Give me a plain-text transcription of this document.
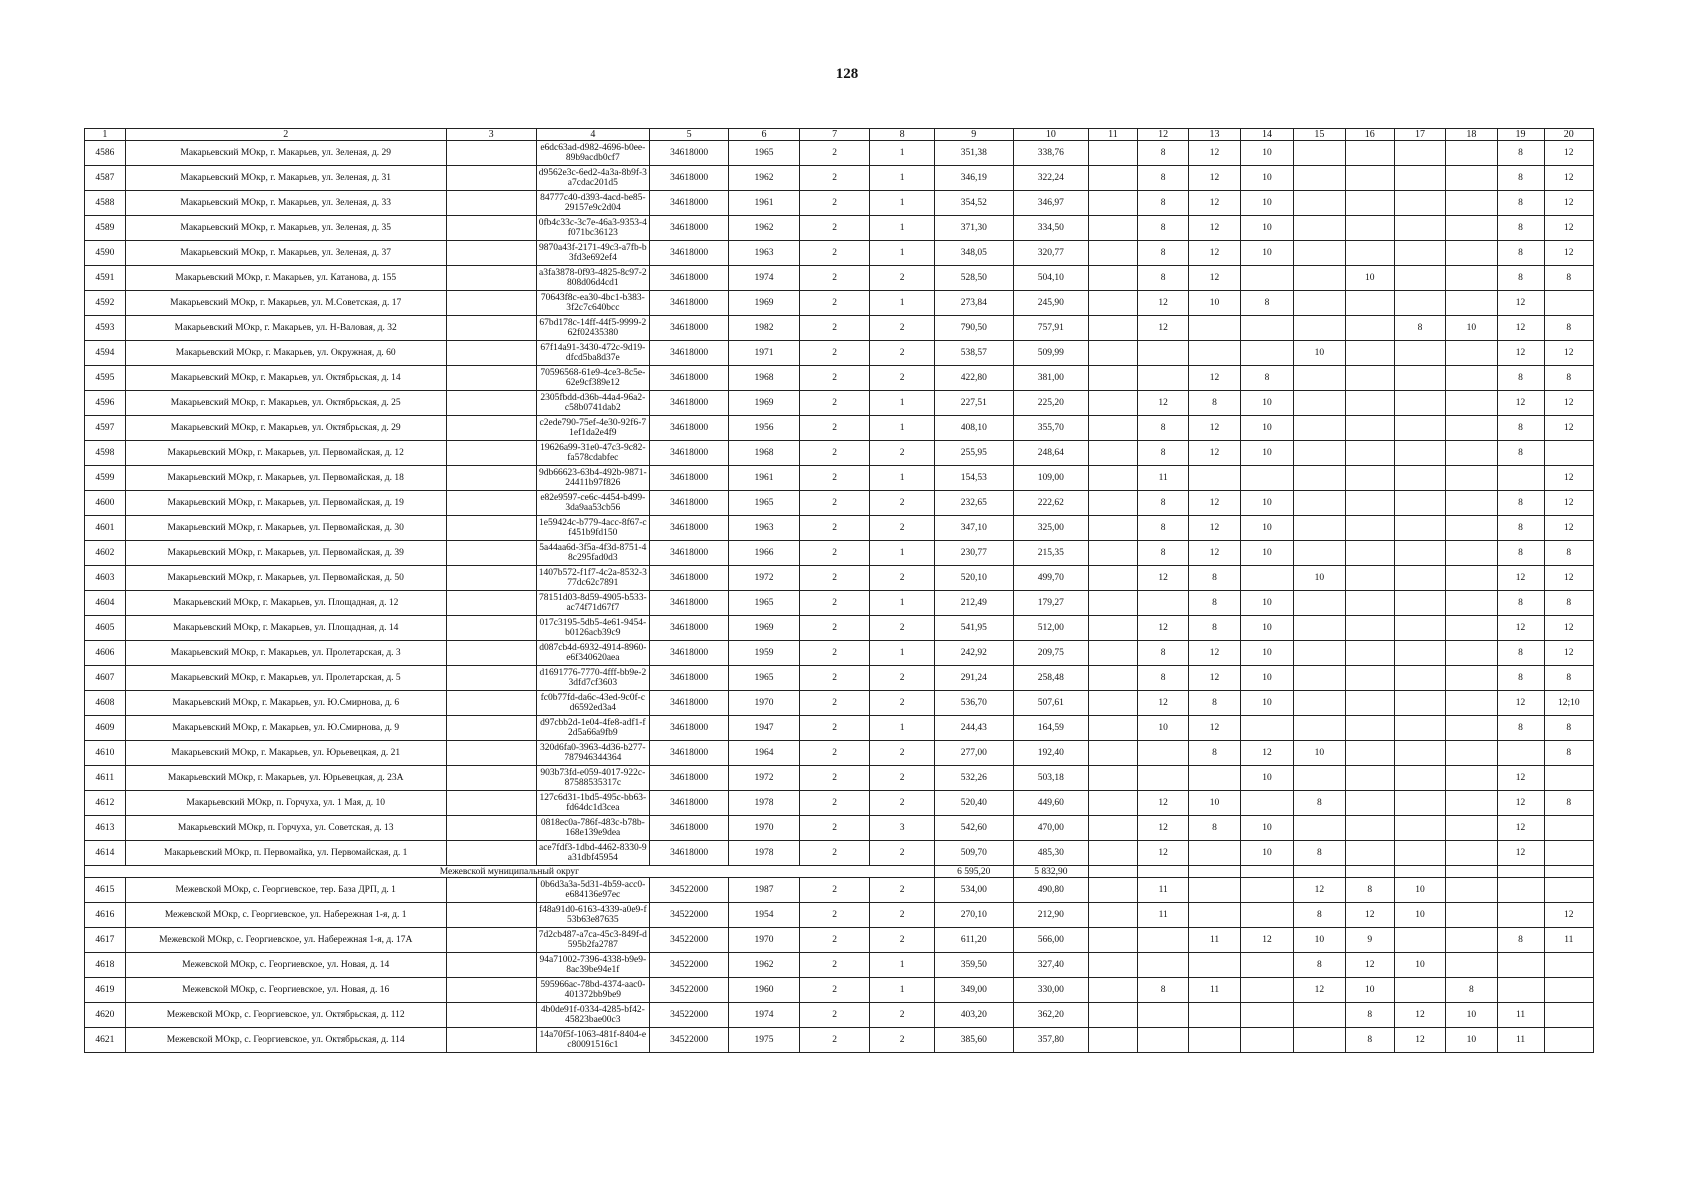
128
1	2	3	4	5	6	7	8	9	10	11	12	13	14	15	16	17	18	19	20
4586	Макарьевский МОкр, г. Макарьев, ул. Зеленая, д. 29		e6dc63ad-d982-4696-b0ee-89b9acdb0cf7	34618000	1965	2	1	351,38	338,76		8	12	10					8	12
4587	Макарьевский МОкр, г. Макарьев, ул. Зеленая, д. 31		d9562e3c-6ed2-4a3a-8b9f-3a7cdac201d5	34618000	1962	2	1	346,19	322,24		8	12	10					8	12
4588	Макарьевский МОкр, г. Макарьев, ул. Зеленая, д. 33		84777c40-d393-4acd-be85-29157e9c2d04	34618000	1961	2	1	354,52	346,97		8	12	10					8	12
4589	Макарьевский МОкр, г. Макарьев, ул. Зеленая, д. 35		0fb4c33c-3c7e-46a3-9353-4f071bc36123	34618000	1962	2	1	371,30	334,50		8	12	10					8	12
4590	Макарьевский МОкр, г. Макарьев, ул. Зеленая, д. 37		9870a43f-2171-49c3-a7fb-b3fd3e692ef4	34618000	1963	2	1	348,05	320,77		8	12	10					8	12
4591	Макарьевский МОкр, г. Макарьев, ул. Катанова, д. 155		a3fa3878-0f93-4825-8c97-2808d06d4cd1	34618000	1974	2	2	528,50	504,10		8	12			10			8	8
4592	Макарьевский МОкр, г. Макарьев, ул. М.Советская, д. 17		70643f8c-ea30-4bc1-b383-3f2c7c640bcc	34618000	1969	2	1	273,84	245,90		12	10	8					12	
4593	Макарьевский МОкр, г. Макарьев, ул. Н-Валовая, д. 32		67bd178c-14ff-44f5-9999-262f02435380	34618000	1982	2	2	790,50	757,91		12					8	10	12	8
4594	Макарьевский МОкр, г. Макарьев, ул. Окружная, д. 60		67f14a91-3430-472c-9d19-dfcd5ba8d37e	34618000	1971	2	2	538,57	509,99					10				12	12
4595	Макарьевский МОкр, г. Макарьев, ул. Октябрьская, д. 14		70596568-61e9-4ce3-8c5e-62e9cf389e12	34618000	1968	2	2	422,80	381,00			12	8					8	8
4596	Макарьевский МОкр, г. Макарьев, ул. Октябрьская, д. 25		2305fbdd-d36b-44a4-96a2-c58b0741dab2	34618000	1969	2	1	227,51	225,20		12	8	10					12	12
4597	Макарьевский МОкр, г. Макарьев, ул. Октябрьская, д. 29		c2ede790-75ef-4e30-92f6-71ef1da2e4f9	34618000	1956	2	1	408,10	355,70		8	12	10					8	12
4598	Макарьевский МОкр, г. Макарьев, ул. Первомайская, д. 12		19626a99-31e0-47c3-9c82-fa578cdabfec	34618000	1968	2	2	255,95	248,64		8	12	10					8	
4599	Макарьевский МОкр, г. Макарьев, ул. Первомайская, д. 18		9db66623-63b4-492b-9871-24411b97f826	34618000	1961	2	1	154,53	109,00		11								12
4600	Макарьевский МОкр, г. Макарьев, ул. Первомайская, д. 19		e82e9597-ce6c-4454-b499-3da9aa53cb56	34618000	1965	2	2	232,65	222,62		8	12	10					8	12
4601	Макарьевский МОкр, г. Макарьев, ул. Первомайская, д. 30		1e59424c-b779-4acc-8f67-cf451b9fd150	34618000	1963	2	2	347,10	325,00		8	12	10					8	12
4602	Макарьевский МОкр, г. Макарьев, ул. Первомайская, д. 39		5a44aa6d-3f5a-4f3d-8751-48c295fad0d3	34618000	1966	2	1	230,77	215,35		8	12	10					8	8
4603	Макарьевский МОкр, г. Макарьев, ул. Первомайская, д. 50		1407b572-f1f7-4c2a-8532-377dc62c7891	34618000	1972	2	2	520,10	499,70		12	8		10				12	12
4604	Макарьевский МОкр, г. Макарьев, ул. Площадная, д. 12		78151d03-8d59-4905-b533-ac74f71d67f7	34618000	1965	2	1	212,49	179,27			8	10					8	8
4605	Макарьевский МОкр, г. Макарьев, ул. Площадная, д. 14		017c3195-5db5-4e61-9454-b0126acb39c9	34618000	1969	2	2	541,95	512,00		12	8	10					12	12
4606	Макарьевский МОкр, г. Макарьев, ул. Пролетарская, д. 3		d087cb4d-6932-4914-8960-e6f340620aea	34618000	1959	2	1	242,92	209,75		8	12	10					8	12
4607	Макарьевский МОкр, г. Макарьев, ул. Пролетарская, д. 5		d1691776-7770-4fff-bb9e-23dfd7cf3603	34618000	1965	2	2	291,24	258,48		8	12	10					8	8
4608	Макарьевский МОкр, г. Макарьев, ул. Ю.Смирнова, д. 6		fc0b77fd-da6c-43ed-9c0f-cd6592ed3a4	34618000	1970	2	2	536,70	507,61		12	8	10					12	12;10
4609	Макарьевский МОкр, г. Макарьев, ул. Ю.Смирнова, д. 9		d97cbb2d-1e04-4fe8-adf1-f2d5a66a9fb9	34618000	1947	2	1	244,43	164,59		10	12						8	8
4610	Макарьевский МОкр, г. Макарьев, ул. Юрьевецкая, д. 21		320d6fa0-3963-4d36-b277-787946344364	34618000	1964	2	2	277,00	192,40			8	12	10					8
4611	Макарьевский МОкр, г. Макарьев, ул. Юрьевецкая, д. 23А		903b73fd-e059-4017-922c-87588535317c	34618000	1972	2	2	532,26	503,18				10					12	
4612	Макарьевский МОкр, п. Горчуха, ул. 1 Мая, д. 10		127c6d31-1bd5-495c-bb63-fd64dc1d3cea	34618000	1978	2	2	520,40	449,60		12	10		8				12	8
4613	Макарьевский МОкр, п. Горчуха, ул. Советская, д. 13		0818ec0a-786f-483c-b78b-168e139e9dea	34618000	1970	2	3	542,60	470,00		12	8	10					12	
4614	Макарьевский МОкр, п. Первомайка, ул. Первомайская, д. 1		ace7fdf3-1dbd-4462-8330-9a31dbf45954	34618000	1978	2	2	509,70	485,30		12		10	8				12	
Межевской муниципальный округ								6 595,20	5 832,90										
4615	Межевской МОкр, с. Георгиевское, тер. База ДРП, д. 1		0b6d3a3a-5d31-4b59-acc0-e684136e97ec	34522000	1987	2	2	534,00	490,80		11			12	8	10			
4616	Межевской МОкр, с. Георгиевское, ул. Набережная 1-я, д. 1		f48a91d0-6163-4339-a0e9-f53b63e87635	34522000	1954	2	2	270,10	212,90		11			8	12	10			12
4617	Межевской МОкр, с. Георгиевское, ул. Набережная 1-я, д. 17А		7d2cb487-a7ca-45c3-849f-d595b2fa2787	34522000	1970	2	2	611,20	566,00			11	12	10	9			8	11
4618	Межевской МОкр, с. Георгиевское, ул. Новая, д. 14		94a71002-7396-4338-b9e9-8ac39be94e1f	34522000	1962	2	1	359,50	327,40					8	12	10			
4619	Межевской МОкр, с. Георгиевское, ул. Новая, д. 16		595966ac-78bd-4374-aac0-401372bb9be9	34522000	1960	2	1	349,00	330,00		8	11		12	10		8		
4620	Межевской МОкр, с. Георгиевское, ул. Октябрьская, д. 112		4b0de91f-0334-4285-bf42-45823bae00c3	34522000	1974	2	2	403,20	362,20						8	12	10	11	
4621	Межевской МОкр, с. Георгиевское, ул. Октябрьская, д. 114		14a70f5f-1063-481f-8404-ec80091516c1	34522000	1975	2	2	385,60	357,80						8	12	10	11	
